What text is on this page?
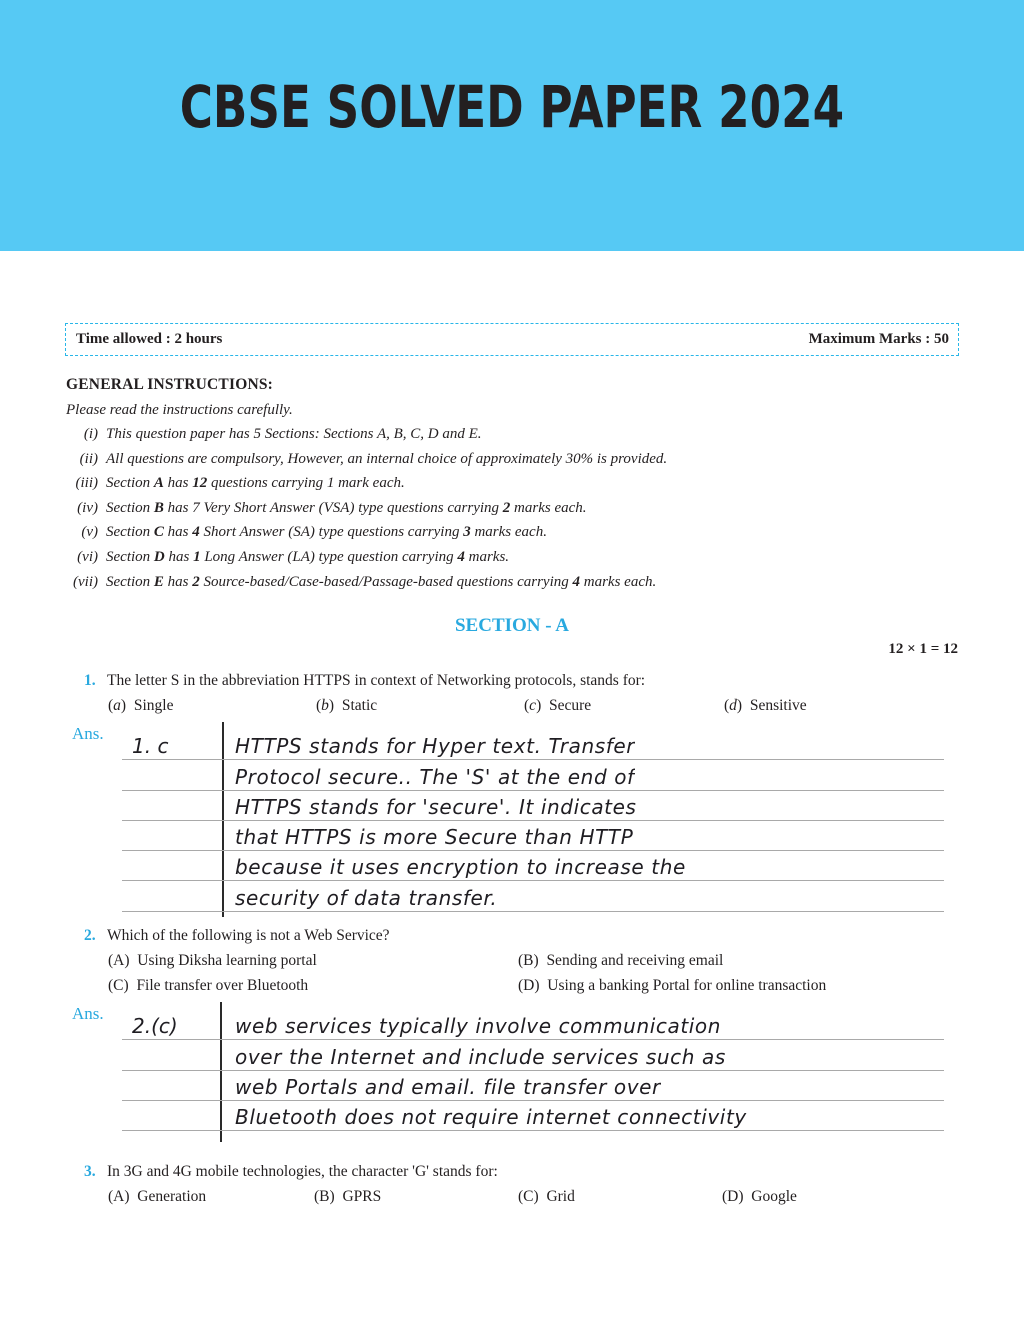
CBSE SOLVED PAPER 2024
Time allowed : 2 hours	Maximum Marks : 50
GENERAL INSTRUCTIONS:
Please read the instructions carefully.
(i) This question paper has 5 Sections: Sections A, B, C, D and E.
(ii) All questions are compulsory, However, an internal choice of approximately 30% is provided.
(iii) Section A has 12 questions carrying 1 mark each.
(iv) Section B has 7 Very Short Answer (VSA) type questions carrying 2 marks each.
(v) Section C has 4 Short Answer (SA) type questions carrying 3 marks each.
(vi) Section D has 1 Long Answer (LA) type question carrying 4 marks.
(vii) Section E has 2 Source-based/Case-based/Passage-based questions carrying 4 marks each.
SECTION - A
12 × 1 = 12
1. The letter S in the abbreviation HTTPS in context of Networking protocols, stands for:
(a)  Single	(b)  Static	(c)  Secure	(d)  Sensitive
Ans.
1. c	HTTPS stands for Hyper text. Transfer
Protocol secure.. The 'S' at the end of
HTTPS stands for 'secure'. It indicates
that HTTPS is more Secure than HTTP
because it uses encryption to increase the
security of data transfer.
2. Which of the following is not a Web Service?
(A)  Using Diksha learning portal	(B)  Sending and receiving email
(C)  File transfer over Bluetooth	(D)  Using a banking Portal for online transaction
Ans.
2.(c)	web services typically involve communication
over the Internet and include services such as
web Portals and email. file transfer over
Bluetooth does not require internet connectivity
3. In 3G and 4G mobile technologies, the character 'G' stands for:
(A)  Generation	(B)  GPRS	(C)  Grid	(D)  Google
